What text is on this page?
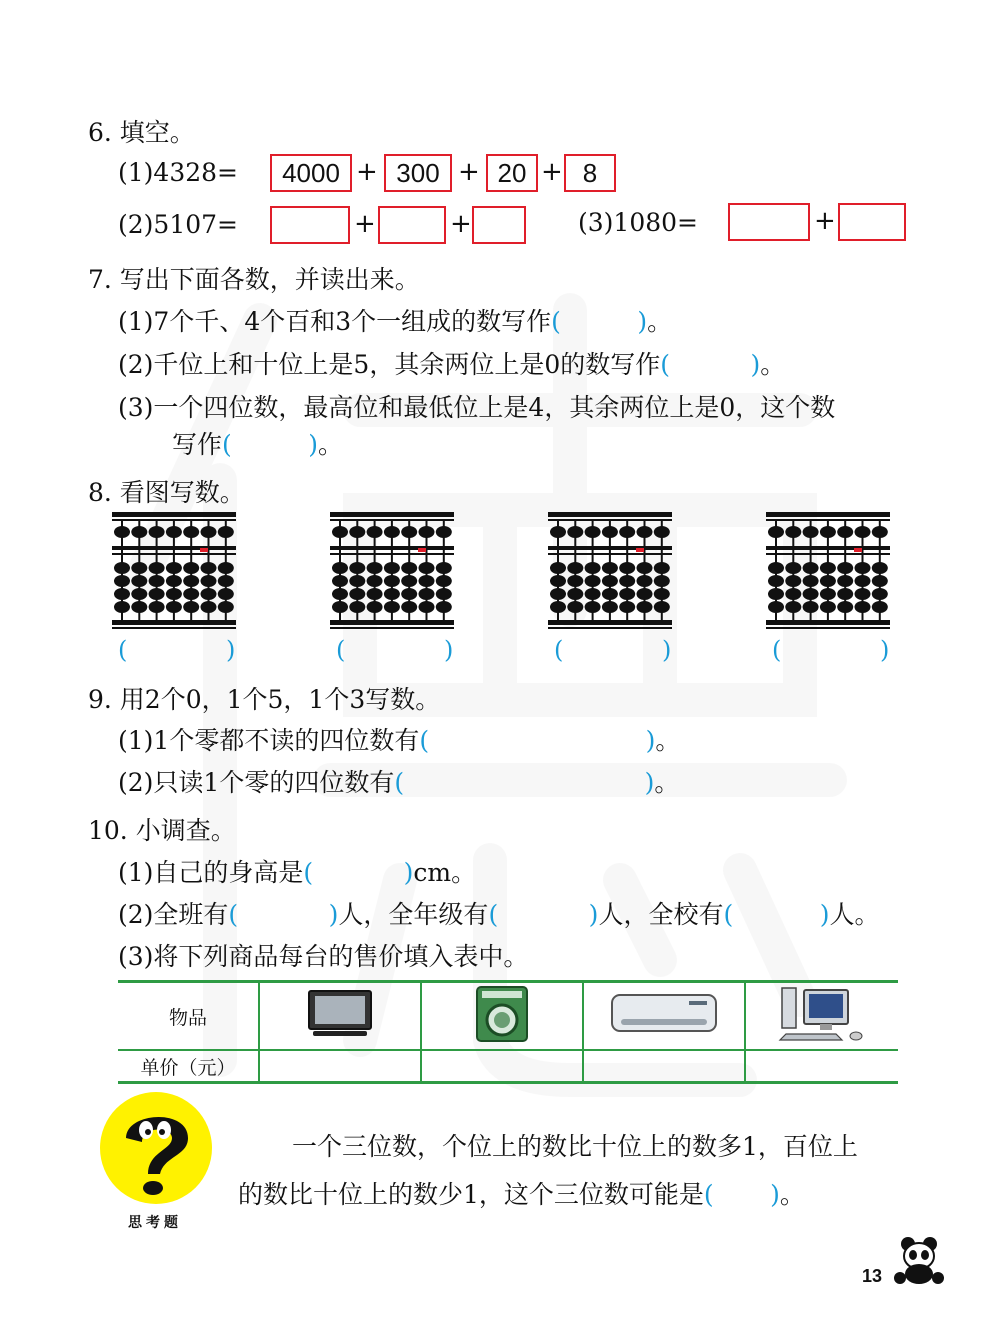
6. 填空。
(1)4328=	4000 + 300 + 20 + 8
(2)5107=	+	+	(3)1080=	+
7. 写出下面各数，并读出来。
(1)7个千、4个百和3个一组成的数写作(	) 。
(2)千位上和十位上是5，其余两位上是0的数写作(	) 。
(3)一个四位数，最高位和最低位上是4，其余两位上是0，这个数
写作(	) 。
8. 看图写数。
(	)	(	)	(	)	(	)
9. 用2个0，1个5，1个3写数。
(1)1个零都不读的四位数有(	) 。
(2)只读1个零的四位数有(	) 。
10. 小调查。
(1)自己的身高是(	) cm。
(2)全班有(	) 人，全年级有(	) 人，全校有(	) 人。
(3)将下列商品每台的售价填入表中。
物品				
单价（元）				
思考题
一个三位数，个位上的数比十位上的数多1，百位上
的数比十位上的数少1，这个三位数可能是( ) 。
13
